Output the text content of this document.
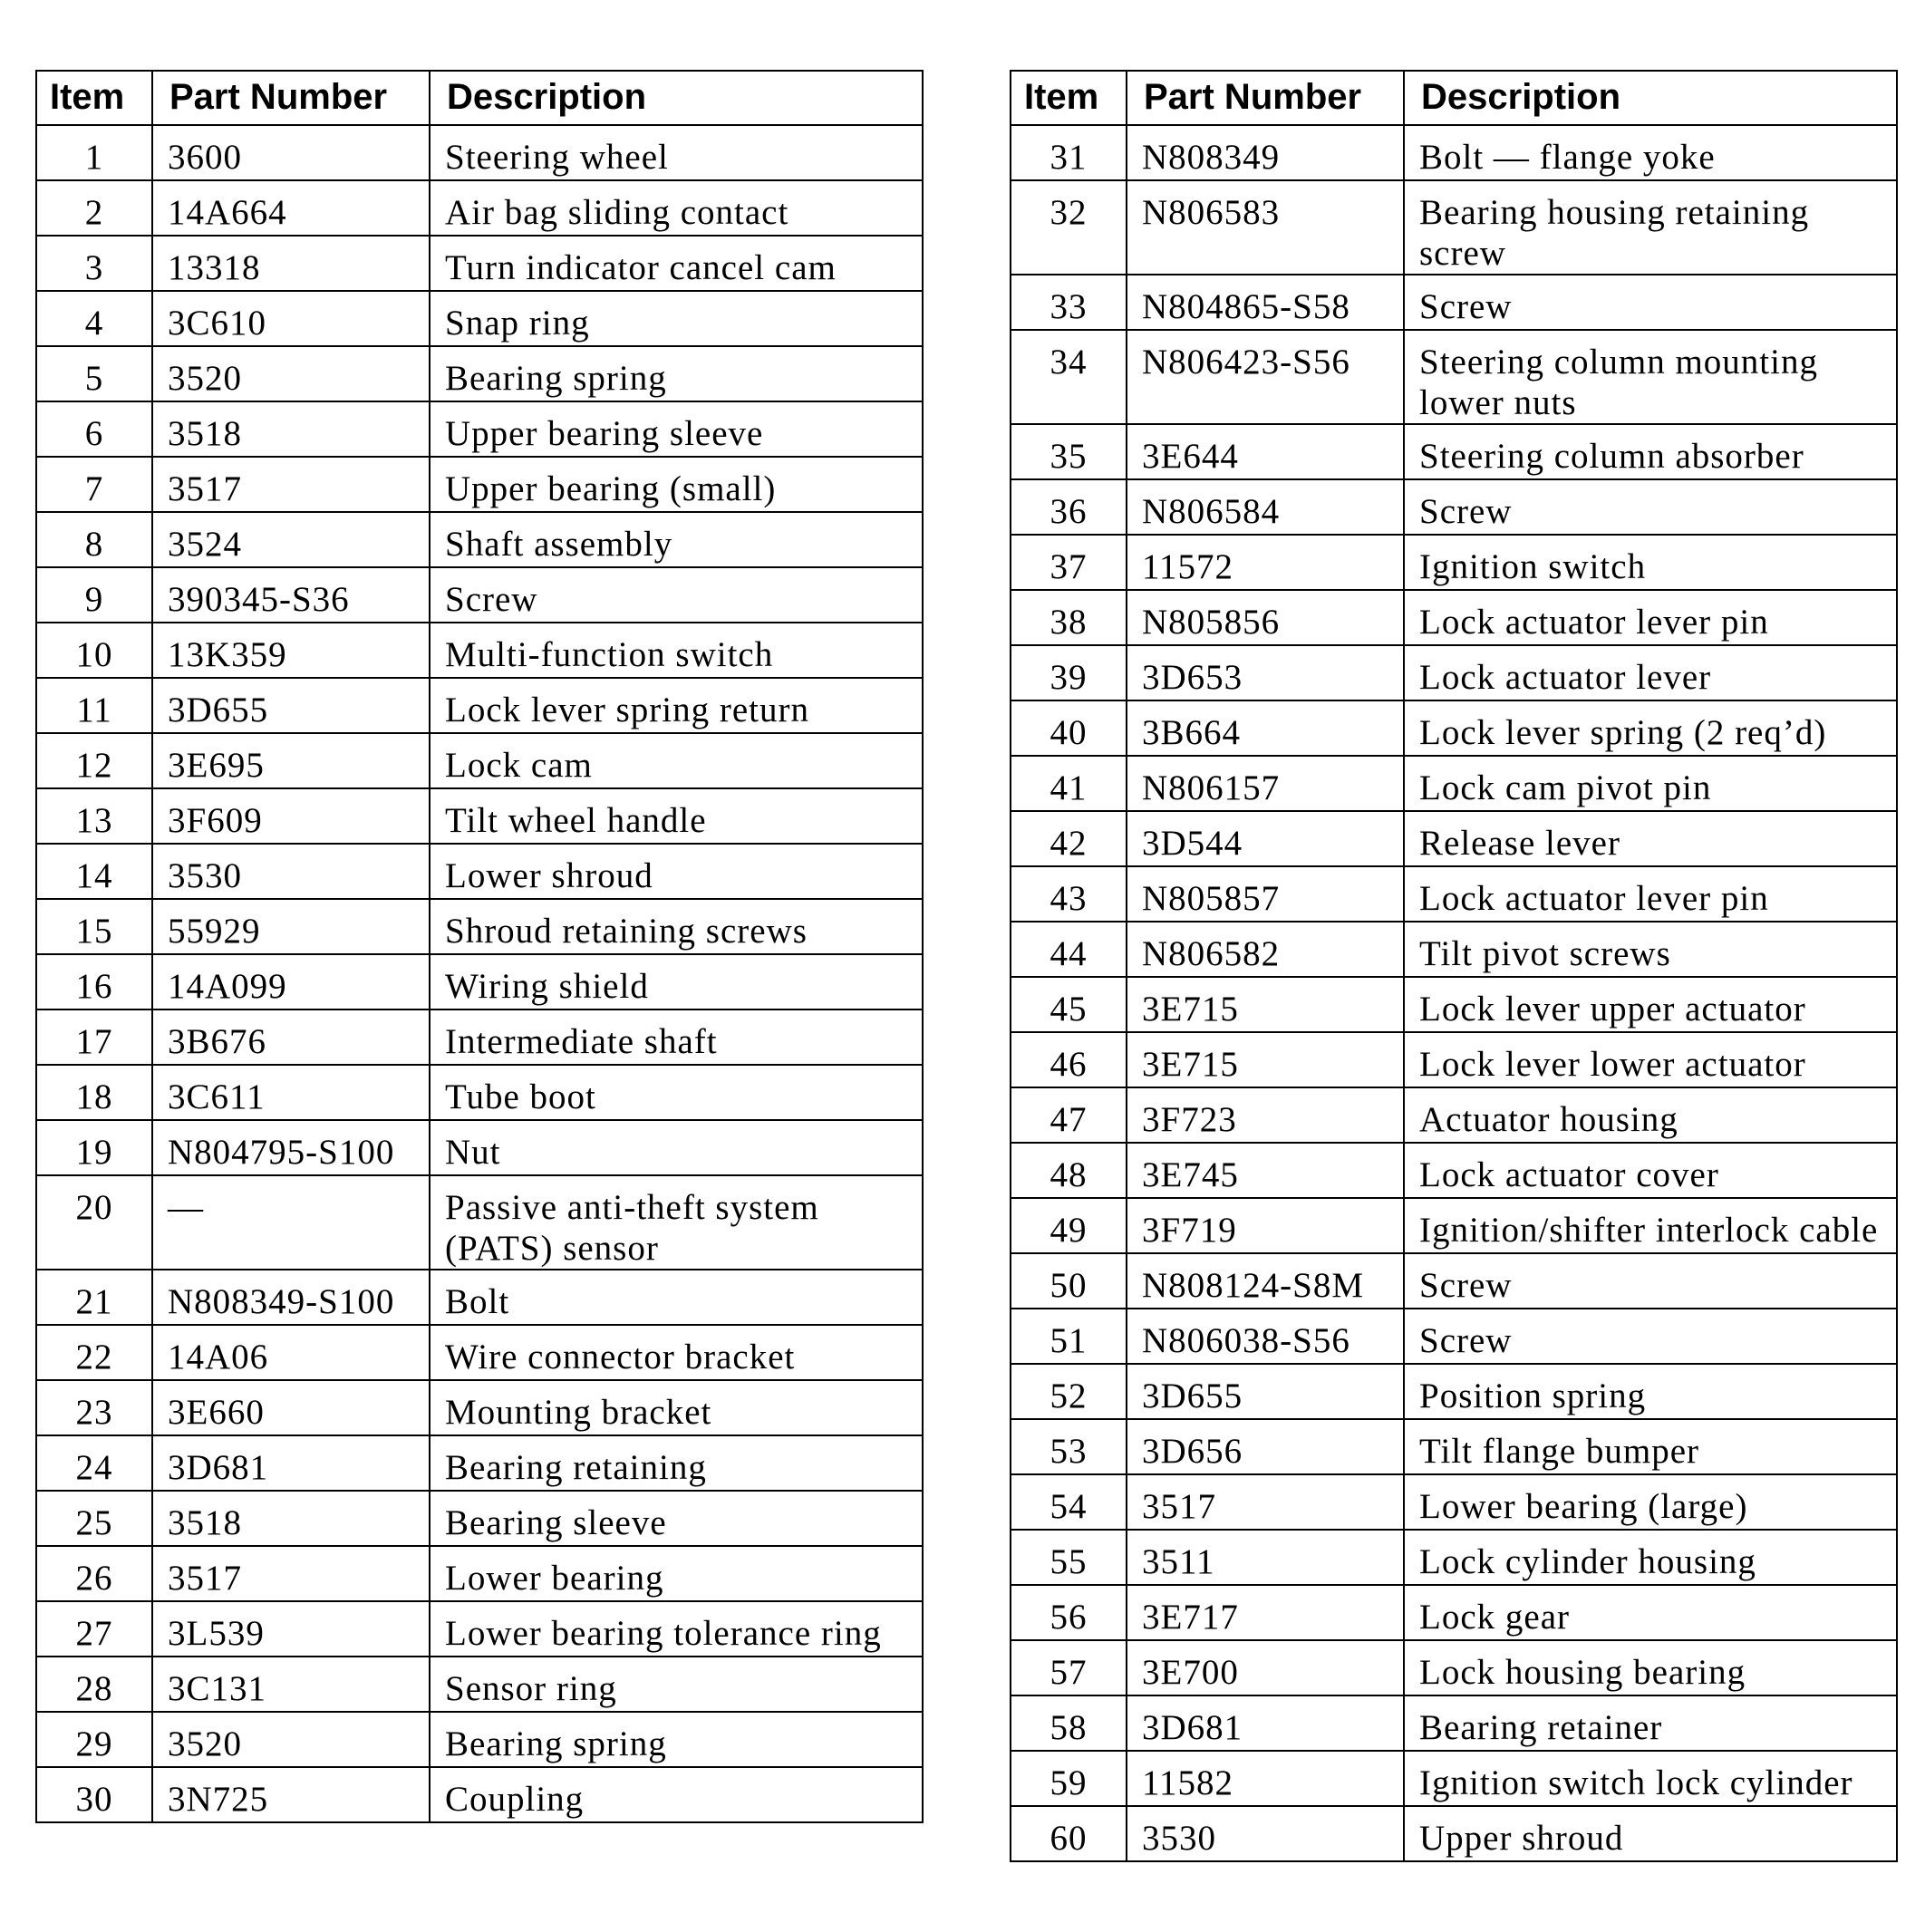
Item	Part Number	Description
1	3600	Steering wheel
2	14A664	Air bag sliding contact
3	13318	Turn indicator cancel cam
4	3C610	Snap ring
5	3520	Bearing spring
6	3518	Upper bearing sleeve
7	3517	Upper bearing (small)
8	3524	Shaft assembly
9	390345-S36	Screw
10	13K359	Multi-function switch
11	3D655	Lock lever spring return
12	3E695	Lock cam
13	3F609	Tilt wheel handle
14	3530	Lower shroud
15	55929	Shroud retaining screws
16	14A099	Wiring shield
17	3B676	Intermediate shaft
18	3C611	Tube boot
19	N804795-S100	Nut
20	—	Passive anti-theft system (PATS) sensor
21	N808349-S100	Bolt
22	14A06	Wire connector bracket
23	3E660	Mounting bracket
24	3D681	Bearing retaining
25	3518	Bearing sleeve
26	3517	Lower bearing
27	3L539	Lower bearing tolerance ring
28	3C131	Sensor ring
29	3520	Bearing spring
30	3N725	Coupling
Item	Part Number	Description
31	N808349	Bolt — flange yoke
32	N806583	Bearing housing retaining screw
33	N804865-S58	Screw
34	N806423-S56	Steering column mounting lower nuts
35	3E644	Steering column absorber
36	N806584	Screw
37	11572	Ignition switch
38	N805856	Lock actuator lever pin
39	3D653	Lock actuator lever
40	3B664	Lock lever spring (2 req’d)
41	N806157	Lock cam pivot pin
42	3D544	Release lever
43	N805857	Lock actuator lever pin
44	N806582	Tilt pivot screws
45	3E715	Lock lever upper actuator
46	3E715	Lock lever lower actuator
47	3F723	Actuator housing
48	3E745	Lock actuator cover
49	3F719	Ignition/shifter interlock cable
50	N808124-S8M	Screw
51	N806038-S56	Screw
52	3D655	Position spring
53	3D656	Tilt flange bumper
54	3517	Lower bearing (large)
55	3511	Lock cylinder housing
56	3E717	Lock gear
57	3E700	Lock housing bearing
58	3D681	Bearing retainer
59	11582	Ignition switch lock cylinder
60	3530	Upper shroud
